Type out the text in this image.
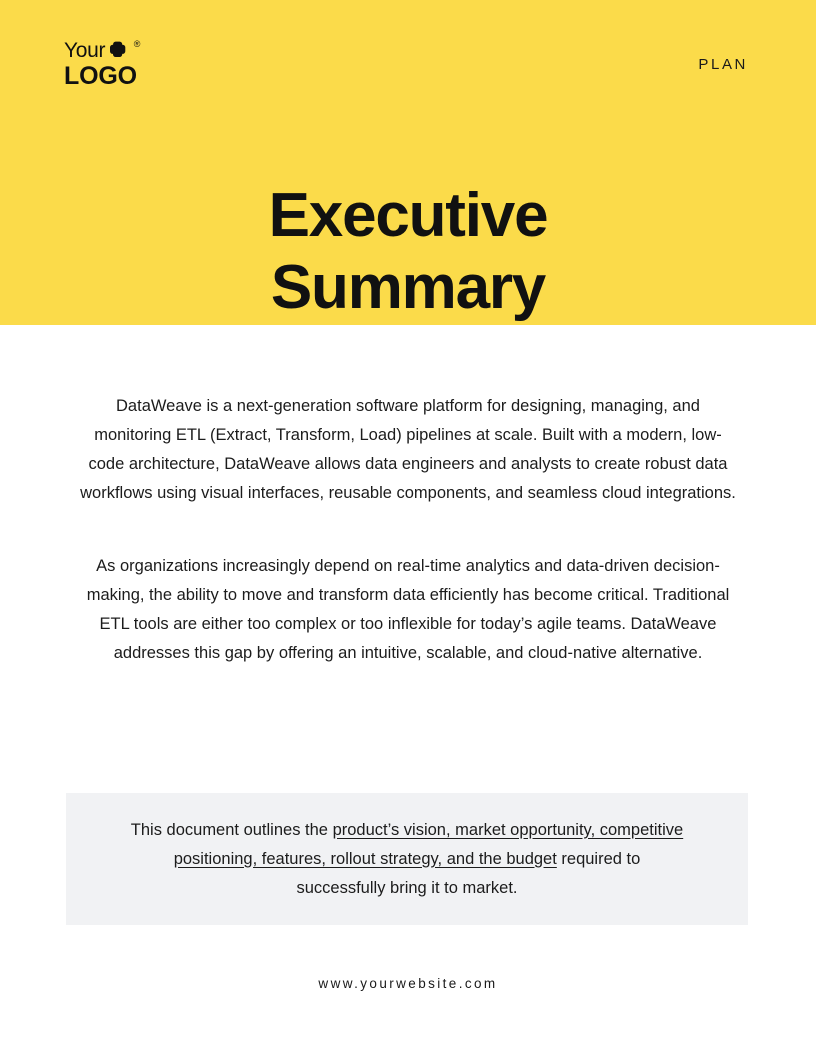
Your	®
LOGO	PLAN
Executive
Summary

DataWeave is a next-generation software platform for designing, managing, and monitoring ETL (Extract, Transform, Load) pipelines at scale. Built with a modern, low-code architecture, DataWeave allows data engineers and analysts to create robust data workflows using visual interfaces, reusable components, and seamless cloud integrations.

As organizations increasingly depend on real-time analytics and data-driven decision-making, the ability to move and transform data efficiently has become critical. Traditional ETL tools are either too complex or too inflexible for today’s agile teams. DataWeave addresses this gap by offering an intuitive, scalable, and cloud-native alternative.

This document outlines the product’s vision, market opportunity, competitive positioning, features, rollout strategy, and the budget required to successfully bring it to market.

www.yourwebsite.com
